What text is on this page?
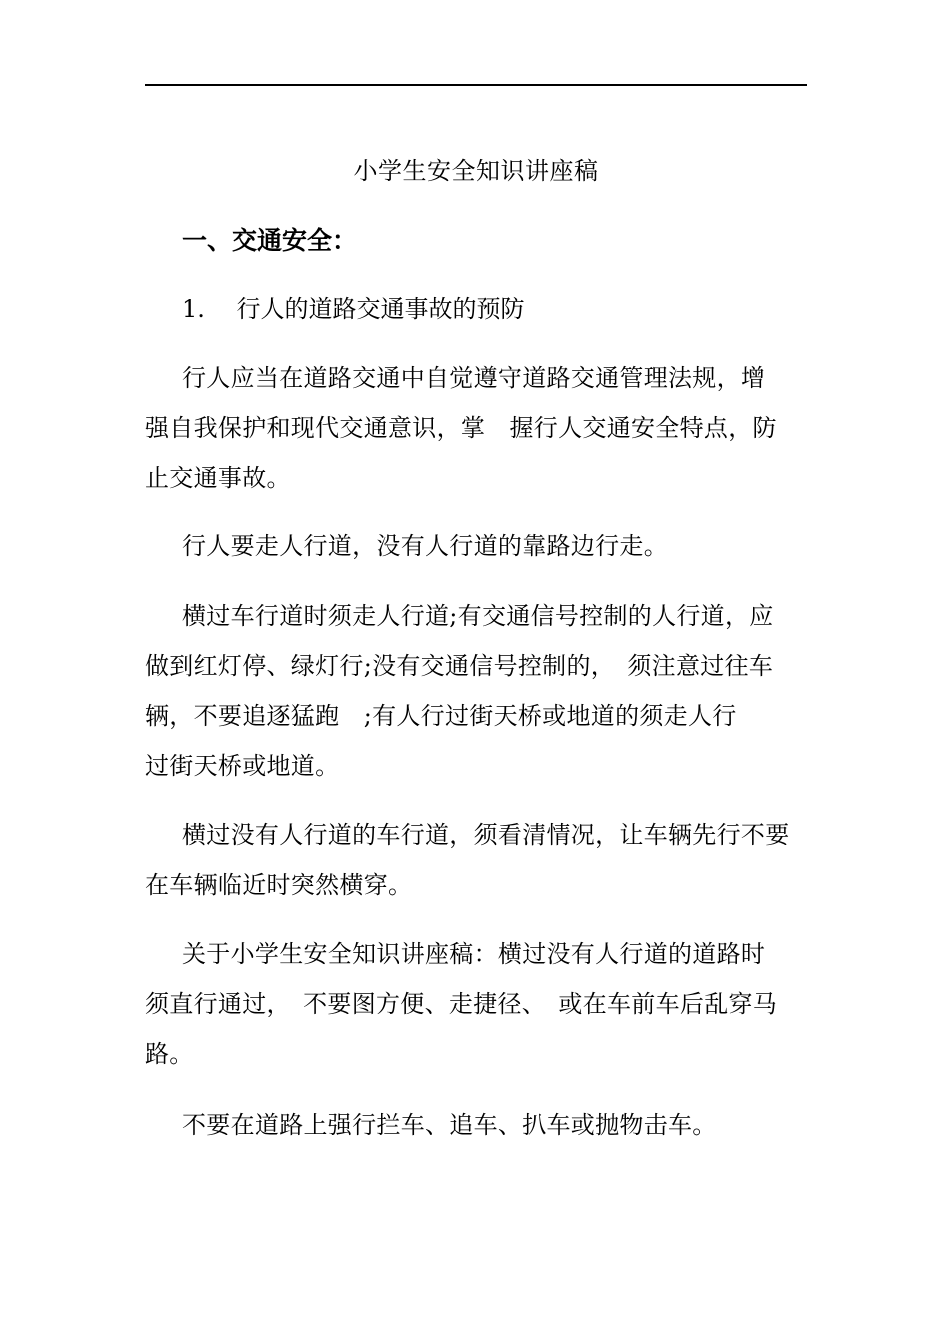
小学生安全知识讲座稿
一、交通安全：
1.　 行人的道路交通事故的预防
行人应当在道路交通中自觉遵守道路交通管理法规，增
强自我保护和现代交通意识，掌　握行人交通安全特点，防
止交通事故。
行人要走人行道，没有人行道的靠路边行走。
横过车行道时须走人行道;有交通信号控制的人行道，应
做到红灯停、绿灯行;没有交通信号控制的，　须注意过往车
辆，不要追逐猛跑　;有人行过街天桥或地道的须走人行
过街天桥或地道。
横过没有人行道的车行道，须看清情况，让车辆先行不要
在车辆临近时突然横穿。
关于小学生安全知识讲座稿：横过没有人行道的道路时
须直行通过，　不要图方便、走捷径、　或在车前车后乱穿马
路。
不要在道路上强行拦车、追车、扒车或抛物击车。
